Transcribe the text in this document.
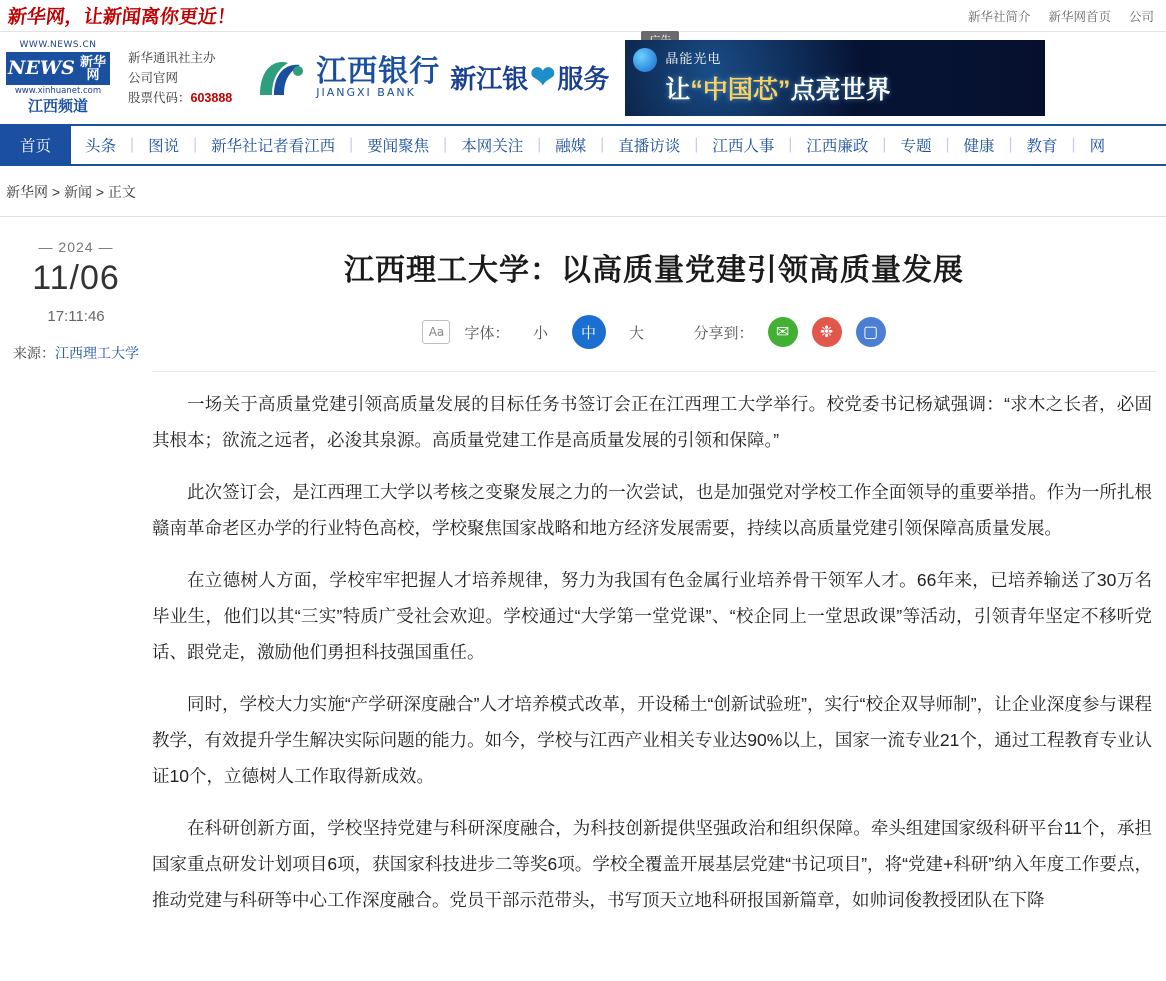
新华网，让新闻离你更近！	新华社简介 新华网首页 公司
WWW.NEWS.CN
NEWS 新华网
www.xinhuanet.com
江西频道
新华通讯社主办
公司官网
股票代码：603888
江西银行
JIANGXI BANK	新江银 ❤ 服务
晶能光电
让“中国芯”点亮世界
首页	头条 | 图说 | 新华社记者看江西 | 要闻聚焦 | 本网关注 | 融媒 | 直播访谈 | 江西人事 | 江西廉政 | 专题 | 健康 | 教育 | 网
新华网 > 新闻 > 正文
— 2024 —
11/06
17:11:46
来源：江西理工大学
江西理工大学：以高质量党建引领高质量发展
Aa	字体：	小	中	大	分享到：	✉	❉	▢

一场关于高质量党建引领高质量发展的目标任务书签订会正在江西理工大学举行。校党委书记杨斌强调：“求木之长者，必固其根本；欲流之远者，必浚其泉源。高质量党建工作是高质量发展的引领和保障。”

此次签订会，是江西理工大学以考核之变聚发展之力的一次尝试，也是加强党对学校工作全面领导的重要举措。作为一所扎根赣南革命老区办学的行业特色高校，学校聚焦国家战略和地方经济发展需要，持续以高质量党建引领保障高质量发展。

在立德树人方面，学校牢牢把握人才培养规律，努力为我国有色金属行业培养骨干领军人才。66年来，已培养输送了30万名毕业生，他们以其“三实”特质广受社会欢迎。学校通过“大学第一堂党课”、“校企同上一堂思政课”等活动，引领青年坚定不移听党话、跟党走，激励他们勇担科技强国重任。

同时，学校大力实施“产学研深度融合”人才培养模式改革，开设稀土“创新试验班”，实行“校企双导师制”，让企业深度参与课程教学，有效提升学生解决实际问题的能力。如今，学校与江西产业相关专业达90%以上，国家一流专业21个，通过工程教育专业认证10个，立德树人工作取得新成效。

在科研创新方面，学校坚持党建与科研深度融合，为科技创新提供坚强政治和组织保障。牵头组建国家级科研平台11个，承担国家重点研发计划项目6项，获国家科技进步二等奖6项。学校全覆盖开展基层党建“书记项目”，将“党建+科研”纳入年度工作要点，推动党建与科研等中心工作深度融合。党员干部示范带头，书写顶天立地科研报国新篇章，如帅词俊教授团队在下降
